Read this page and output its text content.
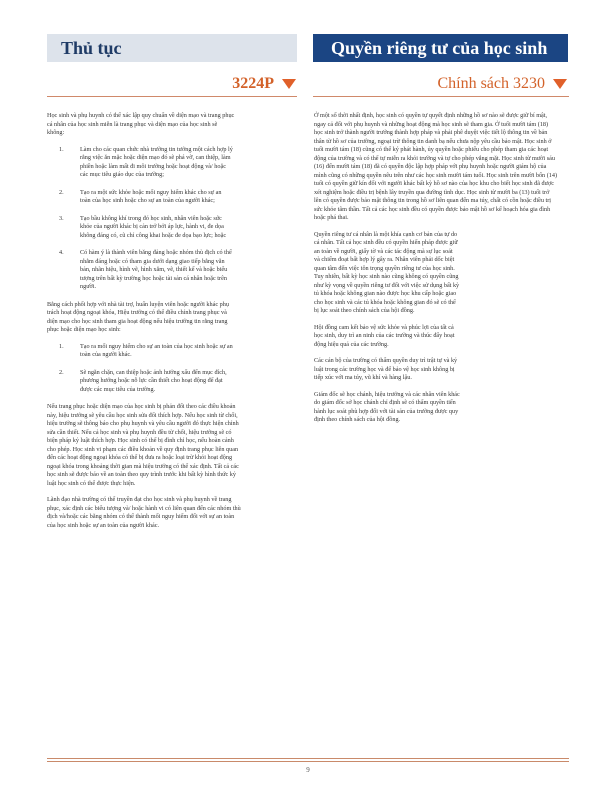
Thủ tục	Quyền riêng tư của học sinh
3224P	Chính sách 3230

Học sinh và phụ huynh có thể xác lập quy chuẩn về diện mạo và trang phục cá nhân của học sinh miễn là trang phục và diện mạo của học sinh sẽ không:

1.	Làm cho các quan chức nhà trường tin tưởng một cách hợp lý rằng việc ăn mặc hoặc diện mạo đó sẽ phá vỡ, can thiệp, làm phiền hoặc làm mất đi môi trường hoặc hoạt động và/ hoặc các mục tiêu giáo dục của trường;
2.	Tạo ra một sức khỏe hoặc mối nguy hiểm khác cho sự an toàn của học sinh hoặc cho sự an toàn của người khác;
3.	Tạo bầu không khí trong đó học sinh, nhân viên hoặc sức khỏe của người khác bị cản trở bởi áp lực, hành vi, đe dọa không đáng có, cũ chỉ công khai hoặc đe dọa bạo lực; hoặc
4.	Có hàm ý là thành viên băng đảng hoặc nhóm thù địch có thể nhằm đáng hoặc có tham gia dưới dạng giao tiếp bằng văn bản, nhãn hiệu, hình vẽ, hình xăm, vẽ, thiết kế và hoặc biểu tượng trên bất kỳ trường học hoặc tài sản cá nhân hoặc trên người.

Bằng cách phối hợp với nhà tài trợ, huấn luyện viên hoặc người khác phụ trách hoạt động ngoại khóa, Hiệu trưởng có thể điều chỉnh trang phục và diện mạo cho học sinh tham gia hoạt động nếu hiệu trưởng tin rằng trang phục hoặc diện mạo học sinh:

1.	Tạo ra mối nguy hiểm cho sự an toàn của học sinh hoặc sự an toàn của người khác.
2.	Sẽ ngăn chặn, can thiệp hoặc ảnh hưởng xấu đến mục đích, phương hướng hoặc nỗ lực cần thiết cho hoạt động để đạt được các mục tiêu của trường.

Nếu trang phục hoặc diện mạo của học sinh bị phản đối theo các điều khoản này, hiệu trưởng sẽ yêu cầu học sinh sửa đổi thích hợp. Nếu học sinh từ chối, hiệu trưởng sẽ thông báo cho phụ huynh và yêu cầu người đó thực hiện chỉnh sửa cần thiết. Nếu cả học sinh và phụ huynh đều từ chối, hiệu trưởng sẽ có biện pháp kỷ luật thích hợp. Học sinh có thể bị đình chỉ học, nếu hoàn cảnh cho phép. Học sinh vi phạm các điều khoản về quy định trang phục liên quan đến các hoạt động ngoại khóa có thể bị đưa ra hoặc loại trừ khỏi hoạt động ngoại khóa trong khoảng thời gian mà hiệu trưởng có thể xác định. Tất cả các học sinh sẽ được báo về an toàn theo quy trình trước khi bất kỳ hình thức kỷ luật học sinh có thể được thực hiện.

Lãnh đạo nhà trường có thể truyền đạt cho học sinh và phụ huynh về trang phục, xác định các biểu tượng và/ hoặc hành vi có liên quan đến các nhóm thù địch và/hoặc các băng nhóm có thể thành mối nguy hiểm đối với sự an toàn của học sinh hoặc sự an toàn của người khác.

Ở một số thời nhất định, học sinh có quyền tự quyết định những hồ sơ nào sẽ được giữ bí mật, ngay cả đối với phụ huynh và những hoạt động mà học sinh sẽ tham gia. Ở tuổi mười tám (18) học sinh trở thành người trưởng thành hợp pháp và phải phê duyệt việc tiết lộ thông tin về bản thân từ hồ sơ của trường, ngoại trừ thông tin danh bạ nếu chưa nộp yêu cầu bảo mật. Học sinh ở tuổi mười tám (18) cũng có thể ký phát hành, ủy quyền hoặc phiếu cho phép tham gia các hoạt động của trường và có thể tự miễn ra khỏi trường và tự cho phép vắng mặt. Học sinh từ mười sáu (16) đến mười tám (18) đã có quyền độc lập hợp pháp với phụ huynh hoặc người giám hộ của mình cũng có những quyền nêu trên như các học sinh mười tám tuổi. Học sinh trên mười bốn (14) tuổi có quyền giữ kín đối với người khác bất kỳ hồ sơ nào của học khu cho biết học sinh đã được xét nghiệm hoặc điều trị bệnh lây truyền qua đường tình dục. Học sinh từ mười ba (13) tuổi trở lên có quyền được bảo mật thông tin trong hồ sơ liên quan đến ma túy, chất có cồn hoặc điều trị sức khỏe tâm thần. Tất cả các học sinh đều có quyền được bảo mật hồ sơ kế hoạch hóa gia đình hoặc phá thai.

Quyền riêng tư cá nhân là một khía cạnh cơ bản của tự do cá nhân. Tất cả học sinh đều có quyền hiến pháp được giữ an toàn về người, giấy tờ và các tác động mà sự lục soát và chiếm đoạt bất hợp lý gây ra. Nhân viên phải dốc biệt quan tâm đến việc tôn trọng quyền riêng tư của học sinh. Tuy nhiên, bất kỳ học sinh nào cũng không có quyền cũng như kỳ vọng về quyền riêng tư đối với việc sử dụng bất kỳ tủ khóa hoặc không gian nào được học khu cấp hoặc giao cho học sinh và các tủ khóa hoặc không gian đó sẽ có thể bị lục soát theo chính sách của hội đồng.

Hội đồng cam kết bảo vệ sức khỏe và phúc lợi của tất cả học sinh, duy trì an ninh của các trường và thúc đẩy hoạt động hiệu quả của các trường.

Các cán bộ của trường có thẩm quyền duy trì trật tự và kỷ luật trong các trường học và để bảo vệ học sinh không bị tiếp xúc với ma túy, vũ khí và hàng lậu.

Giám đốc sẽ học chánh, hiệu trưởng và các nhân viên khác do giám đốc sở học chánh chỉ định sẽ có thẩm quyền tiến hành lục soát phù hợp đối với tài sản của trường được quy định theo chính sách của hội đồng.

9
